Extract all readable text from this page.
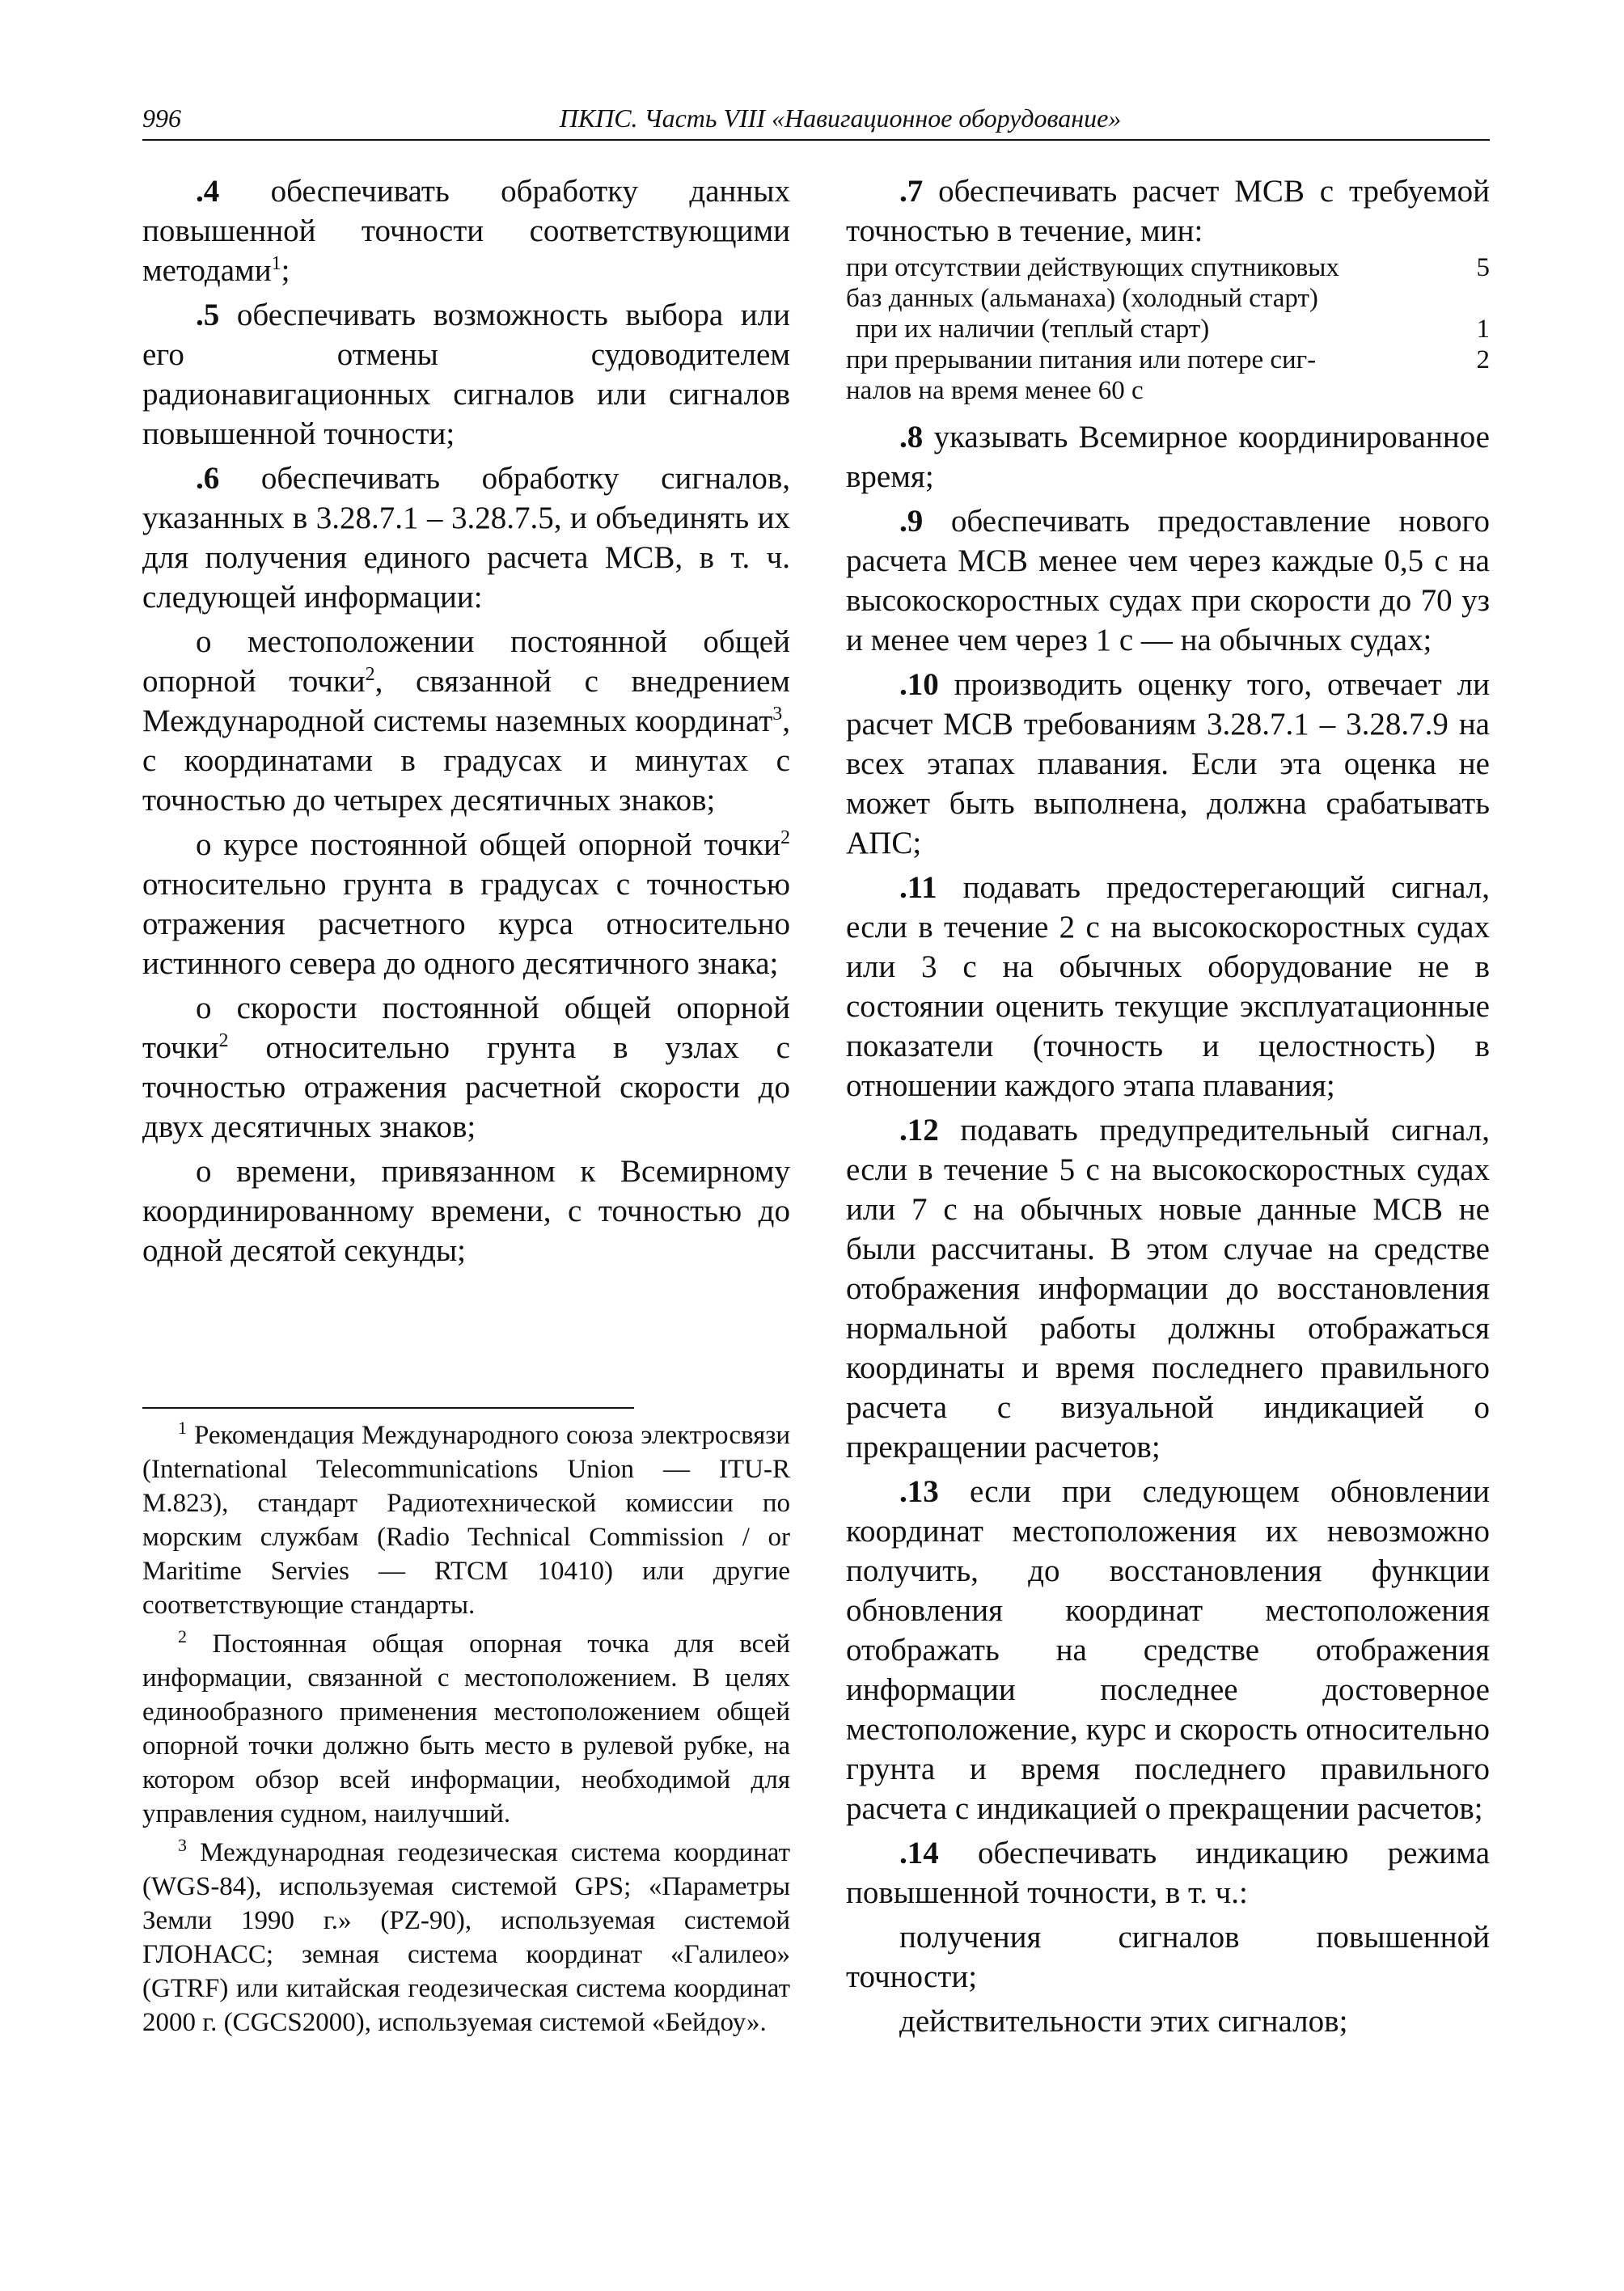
996	ПКПС. Часть VIII «Навигационное оборудование»

.4 обеспечивать обработку данных повышенной точности соответствующими методами$^1$;

.5 обеспечивать возможность выбора или его отмены судоводителем радионавигационных сигналов или сигналов повышенной точности;

.6 обеспечивать обработку сигналов, указанных в 3.28.7.1 – 3.28.7.5, и объединять их для получения единого расчета МСВ, в т. ч. следующей информации:

о местоположении постоянной общей опорной точки$^2$, связанной с внедрением Международной системы наземных координат$^3$, с координатами в градусах и минутах с точностью до четырех десятичных знаков;

о курсе постоянной общей опорной точки$^2$ относительно грунта в градусах с точностью отражения расчетного курса относительно истинного севера до одного десятичного знака;

о скорости постоянной общей опорной точки$^2$ относительно грунта в узлах с точностью отражения расчетной скорости до двух десятичных знаков;

о времени, привязанном к Всемирному координированному времени, с точностью до одной десятой секунды;

$^1$ Рекомендация Международного союза электросвязи (International Telecommunications Union — ITU-R M.823), стандарт Радиотехнической комиссии по морским службам (Radio Technical Commission / or Maritime Servies — RTCM 10410) или другие соответствующие стандарты.

$^2$ Постоянная общая опорная точка для всей информации, связанной с местоположением. В целях единообразного применения местоположением общей опорной точки должно быть место в рулевой рубке, на котором обзор всей информации, необходимой для управления судном, наилучший.

$^3$ Международная геодезическая система координат (WGS-84), используемая системой GPS; «Параметры Земли 1990 г.» (PZ-90), используемая системой ГЛОНАСС; земная система координат «Галилео» (GTRF) или китайская геодезическая система координат 2000 г. (CGCS2000), используемая системой «Бейдоу».

.7 обеспечивать расчет МСВ с требуемой точностью в течение, мин:

при отсутствии действующих спутниковых
баз данных (альманаха) (холодный старт)
5
при их наличии (теплый старт)	1
при прерывании питания или потере сиг-
налов на время менее 60 с
2

.8 указывать Всемирное координированное время;

.9 обеспечивать предоставление нового расчета МСВ менее чем через каждые 0,5 с на высокоскоростных судах при скорости до 70 уз и менее чем через 1 с — на обычных судах;

.10 производить оценку того, отвечает ли расчет МСВ требованиям 3.28.7.1 – 3.28.7.9 на всех этапах плавания. Если эта оценка не может быть выполнена, должна срабатывать АПС;

.11 подавать предостерегающий сигнал, если в течение 2 с на высокоскоростных судах или 3 с на обычных оборудование не в состоянии оценить текущие эксплуатационные показатели (точность и целостность) в отношении каждого этапа плавания;

.12 подавать предупредительный сигнал, если в течение 5 с на высокоскоростных судах или 7 с на обычных новые данные МСВ не были рассчитаны. В этом случае на средстве отображения информации до восстановления нормальной работы должны отображаться координаты и время последнего правильного расчета с визуальной индикацией о прекращении расчетов;

.13 если при следующем обновлении координат местоположения их невозможно получить, до восстановления функции обновления координат местоположения отображать на средстве отображения информации последнее достоверное местоположение, курс и скорость относительно грунта и время последнего правильного расчета с индикацией о прекращении расчетов;

.14 обеспечивать индикацию режима повышенной точности, в т. ч.:

получения сигналов повышенной точности;

действительности этих сигналов;
